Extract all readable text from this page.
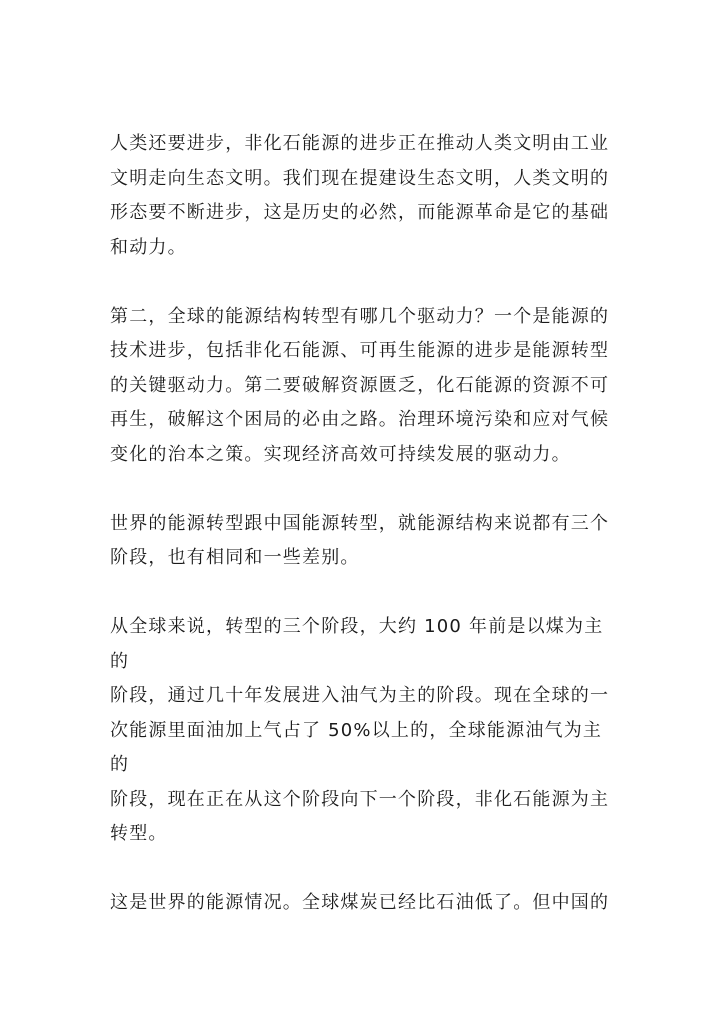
人类还要进步，非化石能源的进步正在推动人类文明由工业
文明走向生态文明。我们现在提建设生态文明，人类文明的
形态要不断进步，这是历史的必然，而能源革命是它的基础
和动力。

第二，全球的能源结构转型有哪几个驱动力？一个是能源的
技术进步，包括非化石能源、可再生能源的进步是能源转型
的关键驱动力。第二要破解资源匮乏，化石能源的资源不可
再生，破解这个困局的必由之路。治理环境污染和应对气候
变化的治本之策。实现经济高效可持续发展的驱动力。

世界的能源转型跟中国能源转型，就能源结构来说都有三个
阶段，也有相同和一些差别。

从全球来说，转型的三个阶段，大约 100 年前是以煤为主的
阶段，通过几十年发展进入油气为主的阶段。现在全球的一
次能源里面油加上气占了 50%以上的，全球能源油气为主的
阶段，现在正在从这个阶段向下一个阶段，非化石能源为主
转型。

这是世界的能源情况。全球煤炭已经比石油低了。但中国的
